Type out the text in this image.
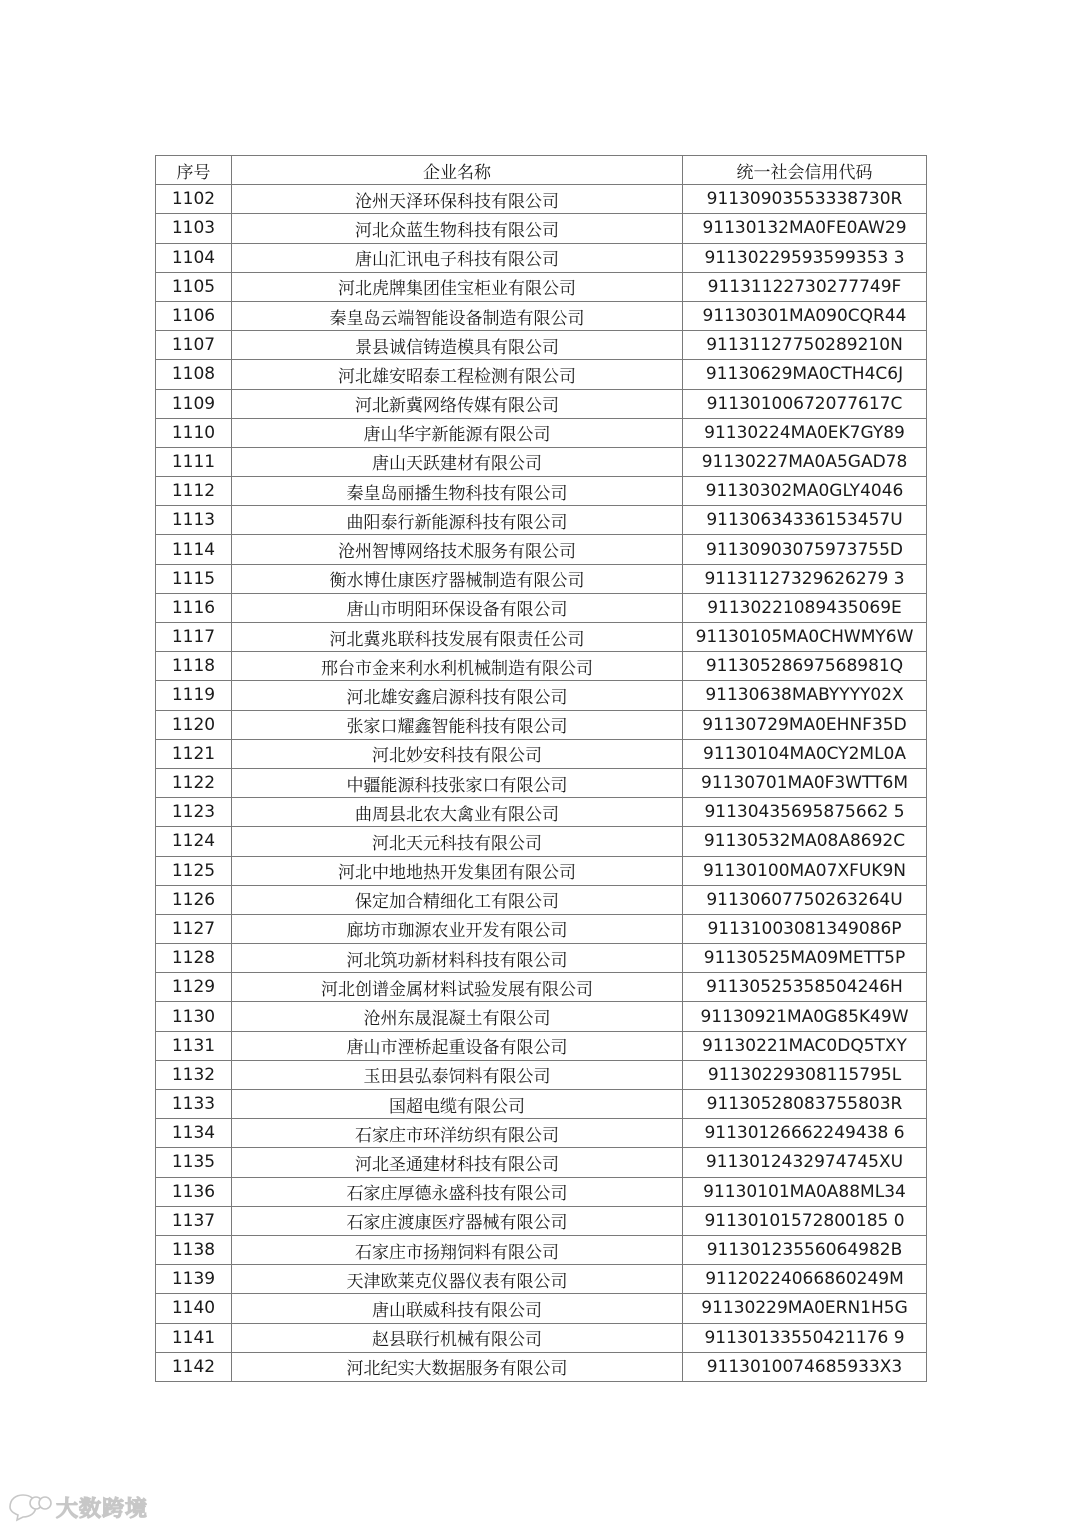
序号	企业名称	统一社会信用代码
1102	沧州天泽环保科技有限公司	91130903553338730R
1103	河北众蓝生物科技有限公司	91130132MA0FE0AW29
1104	唐山汇讯电子科技有限公司	91130229593599353 3
1105	河北虎牌集团佳宝柜业有限公司	91131122730277749F
1106	秦皇岛云端智能设备制造有限公司	91130301MA090CQR44
1107	景县诚信铸造模具有限公司	91131127750289210N
1108	河北雄安昭泰工程检测有限公司	91130629MA0CTH4C6J
1109	河北新冀网络传媒有限公司	91130100672077617C
1110	唐山华宇新能源有限公司	91130224MA0EK7GY89
1111	唐山天跃建材有限公司	91130227MA0A5GAD78
1112	秦皇岛丽播生物科技有限公司	91130302MA0GLY4046
1113	曲阳泰行新能源科技有限公司	91130634336153457U
1114	沧州智博网络技术服务有限公司	91130903075973755D
1115	衡水博仕康医疗器械制造有限公司	91131127329626279 3
1116	唐山市明阳环保设备有限公司	91130221089435069E
1117	河北冀兆联科技发展有限责任公司	91130105MA0CHWMY6W
1118	邢台市金来利水利机械制造有限公司	91130528697568981Q
1119	河北雄安鑫启源科技有限公司	91130638MABYYYY02X
1120	张家口耀鑫智能科技有限公司	91130729MA0EHNF35D
1121	河北妙安科技有限公司	91130104MA0CY2ML0A
1122	中疆能源科技张家口有限公司	91130701MA0F3WTT6M
1123	曲周县北农大禽业有限公司	91130435695875662 5
1124	河北天元科技有限公司	91130532MA08A8692C
1125	河北中地地热开发集团有限公司	91130100MA07XFUK9N
1126	保定加合精细化工有限公司	91130607750263264U
1127	廊坊市珈源农业开发有限公司	91131003081349086P
1128	河北筑功新材料科技有限公司	91130525MA09METT5P
1129	河北创谱金属材料试验发展有限公司	91130525358504246H
1130	沧州东晟混凝土有限公司	91130921MA0G85K49W
1131	唐山市湮桥起重设备有限公司	91130221MAC0DQ5TXY
1132	玉田县弘泰饲料有限公司	91130229308115795L
1133	国超电缆有限公司	91130528083755803R
1134	石家庄市环洋纺织有限公司	91130126662249438 6
1135	河北圣通建材科技有限公司	9113012432974745XU
1136	石家庄厚德永盛科技有限公司	91130101MA0A88ML34
1137	石家庄渡康医疗器械有限公司	91130101572800185 0
1138	石家庄市扬翔饲料有限公司	91130123556064982B
1139	天津欧莱克仪器仪表有限公司	91120224066860249M
1140	唐山联威科技有限公司	91130229MA0ERN1H5G
1141	赵县联行机械有限公司	91130133550421176 9
1142	河北纪实大数据服务有限公司	9113010074685933X3
大数跨境
